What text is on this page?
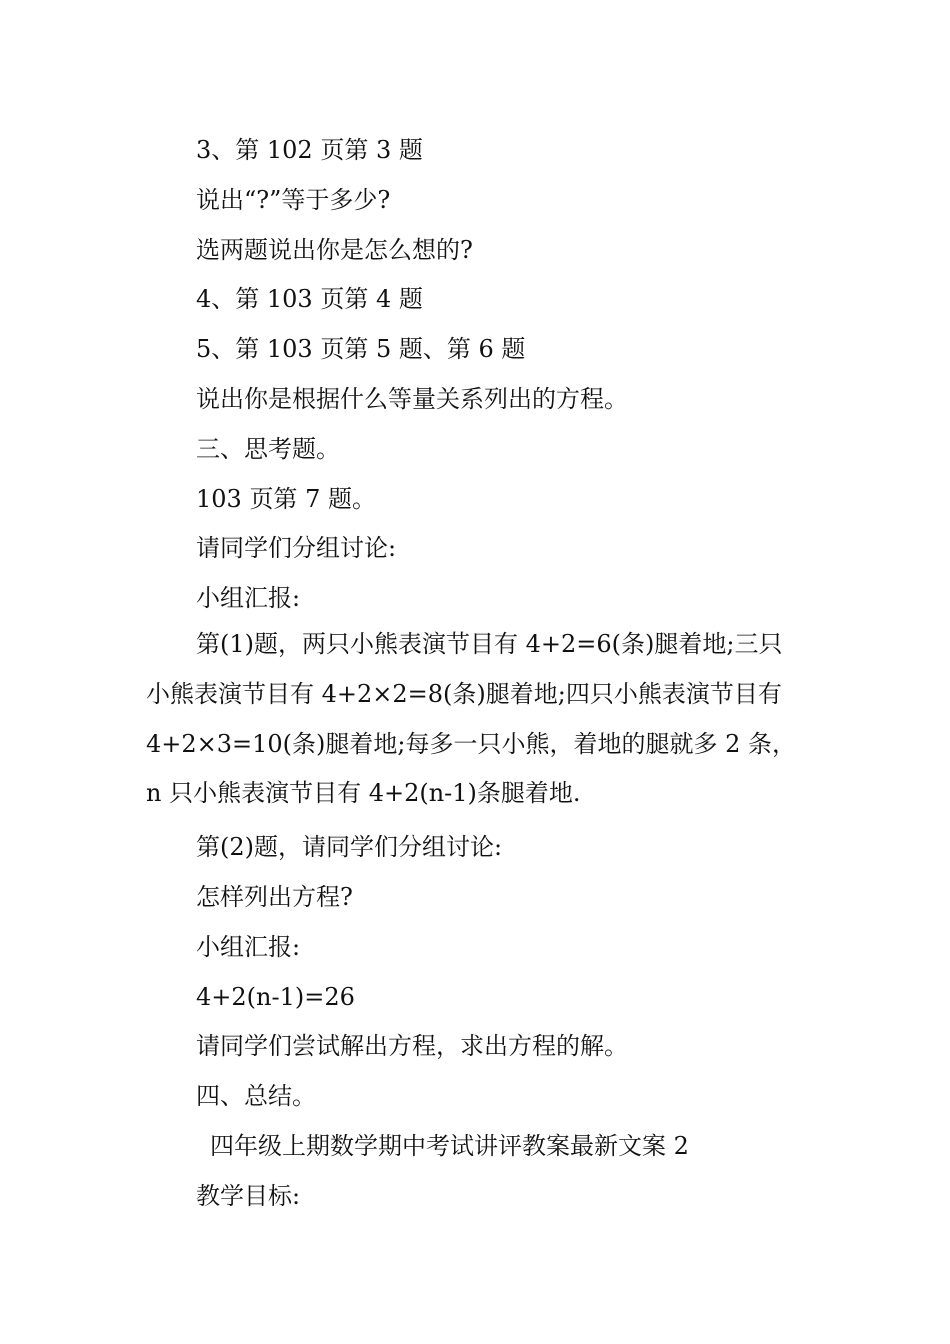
3、第 102 页第 3 题
说出“?”等于多少?
选两题说出你是怎么想的?
4、第 103 页第 4 题
5、第 103 页第 5 题、第 6 题
说出你是根据什么等量关系列出的方程。
三、思考题。
103 页第 7 题。
请同学们分组讨论:
小组汇报:
第(1)题，两只小熊表演节目有 4+2=6(条)腿着地;三只
小熊表演节目有 4+2×2=8(条)腿着地;四只小熊表演节目有
4+2×3=10(条)腿着地;每多一只小熊，着地的腿就多 2 条，
n 只小熊表演节目有 4+2(n-1)条腿着地.
第(2)题，请同学们分组讨论:
怎样列出方程?
小组汇报:
4+2(n-1)=26
请同学们尝试解出方程，求出方程的解。
四、总结。
四年级上期数学期中考试讲评教案最新文案 2
教学目标:
